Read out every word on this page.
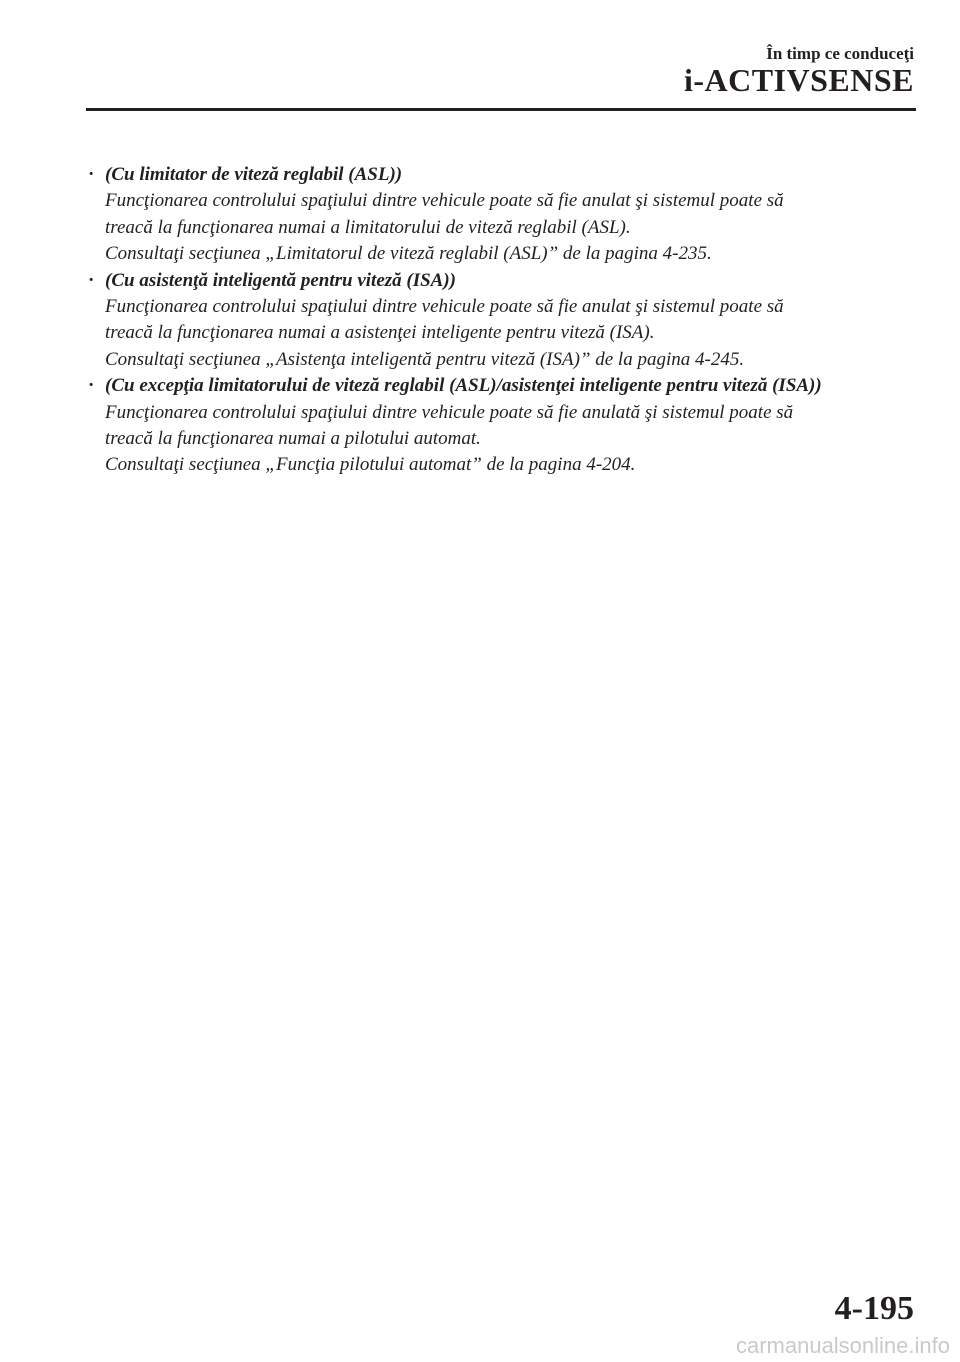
În timp ce conduceţi
i-ACTIVSENSE
· (Cu limitator de viteză reglabil (ASL))
Funcţionarea controlului spaţiului dintre vehicule poate să fie anulat şi sistemul poate să
treacă la funcţionarea numai a limitatorului de viteză reglabil (ASL).
Consultaţi secţiunea „Limitatorul de viteză reglabil (ASL)” de la pagina 4-235.
· (Cu asistenţă inteligentă pentru viteză (ISA))
Funcţionarea controlului spaţiului dintre vehicule poate să fie anulat şi sistemul poate să
treacă la funcţionarea numai a asistenţei inteligente pentru viteză (ISA).
Consultaţi secţiunea „Asistenţa inteligentă pentru viteză (ISA)” de la pagina 4-245.
· (Cu excepţia limitatorului de viteză reglabil (ASL)/asistenţei inteligente pentru viteză (ISA))
Funcţionarea controlului spaţiului dintre vehicule poate să fie anulată şi sistemul poate să
treacă la funcţionarea numai a pilotului automat.
Consultaţi secţiunea „Funcţia pilotului automat” de la pagina 4-204.
4-195
carmanualsonline.info
